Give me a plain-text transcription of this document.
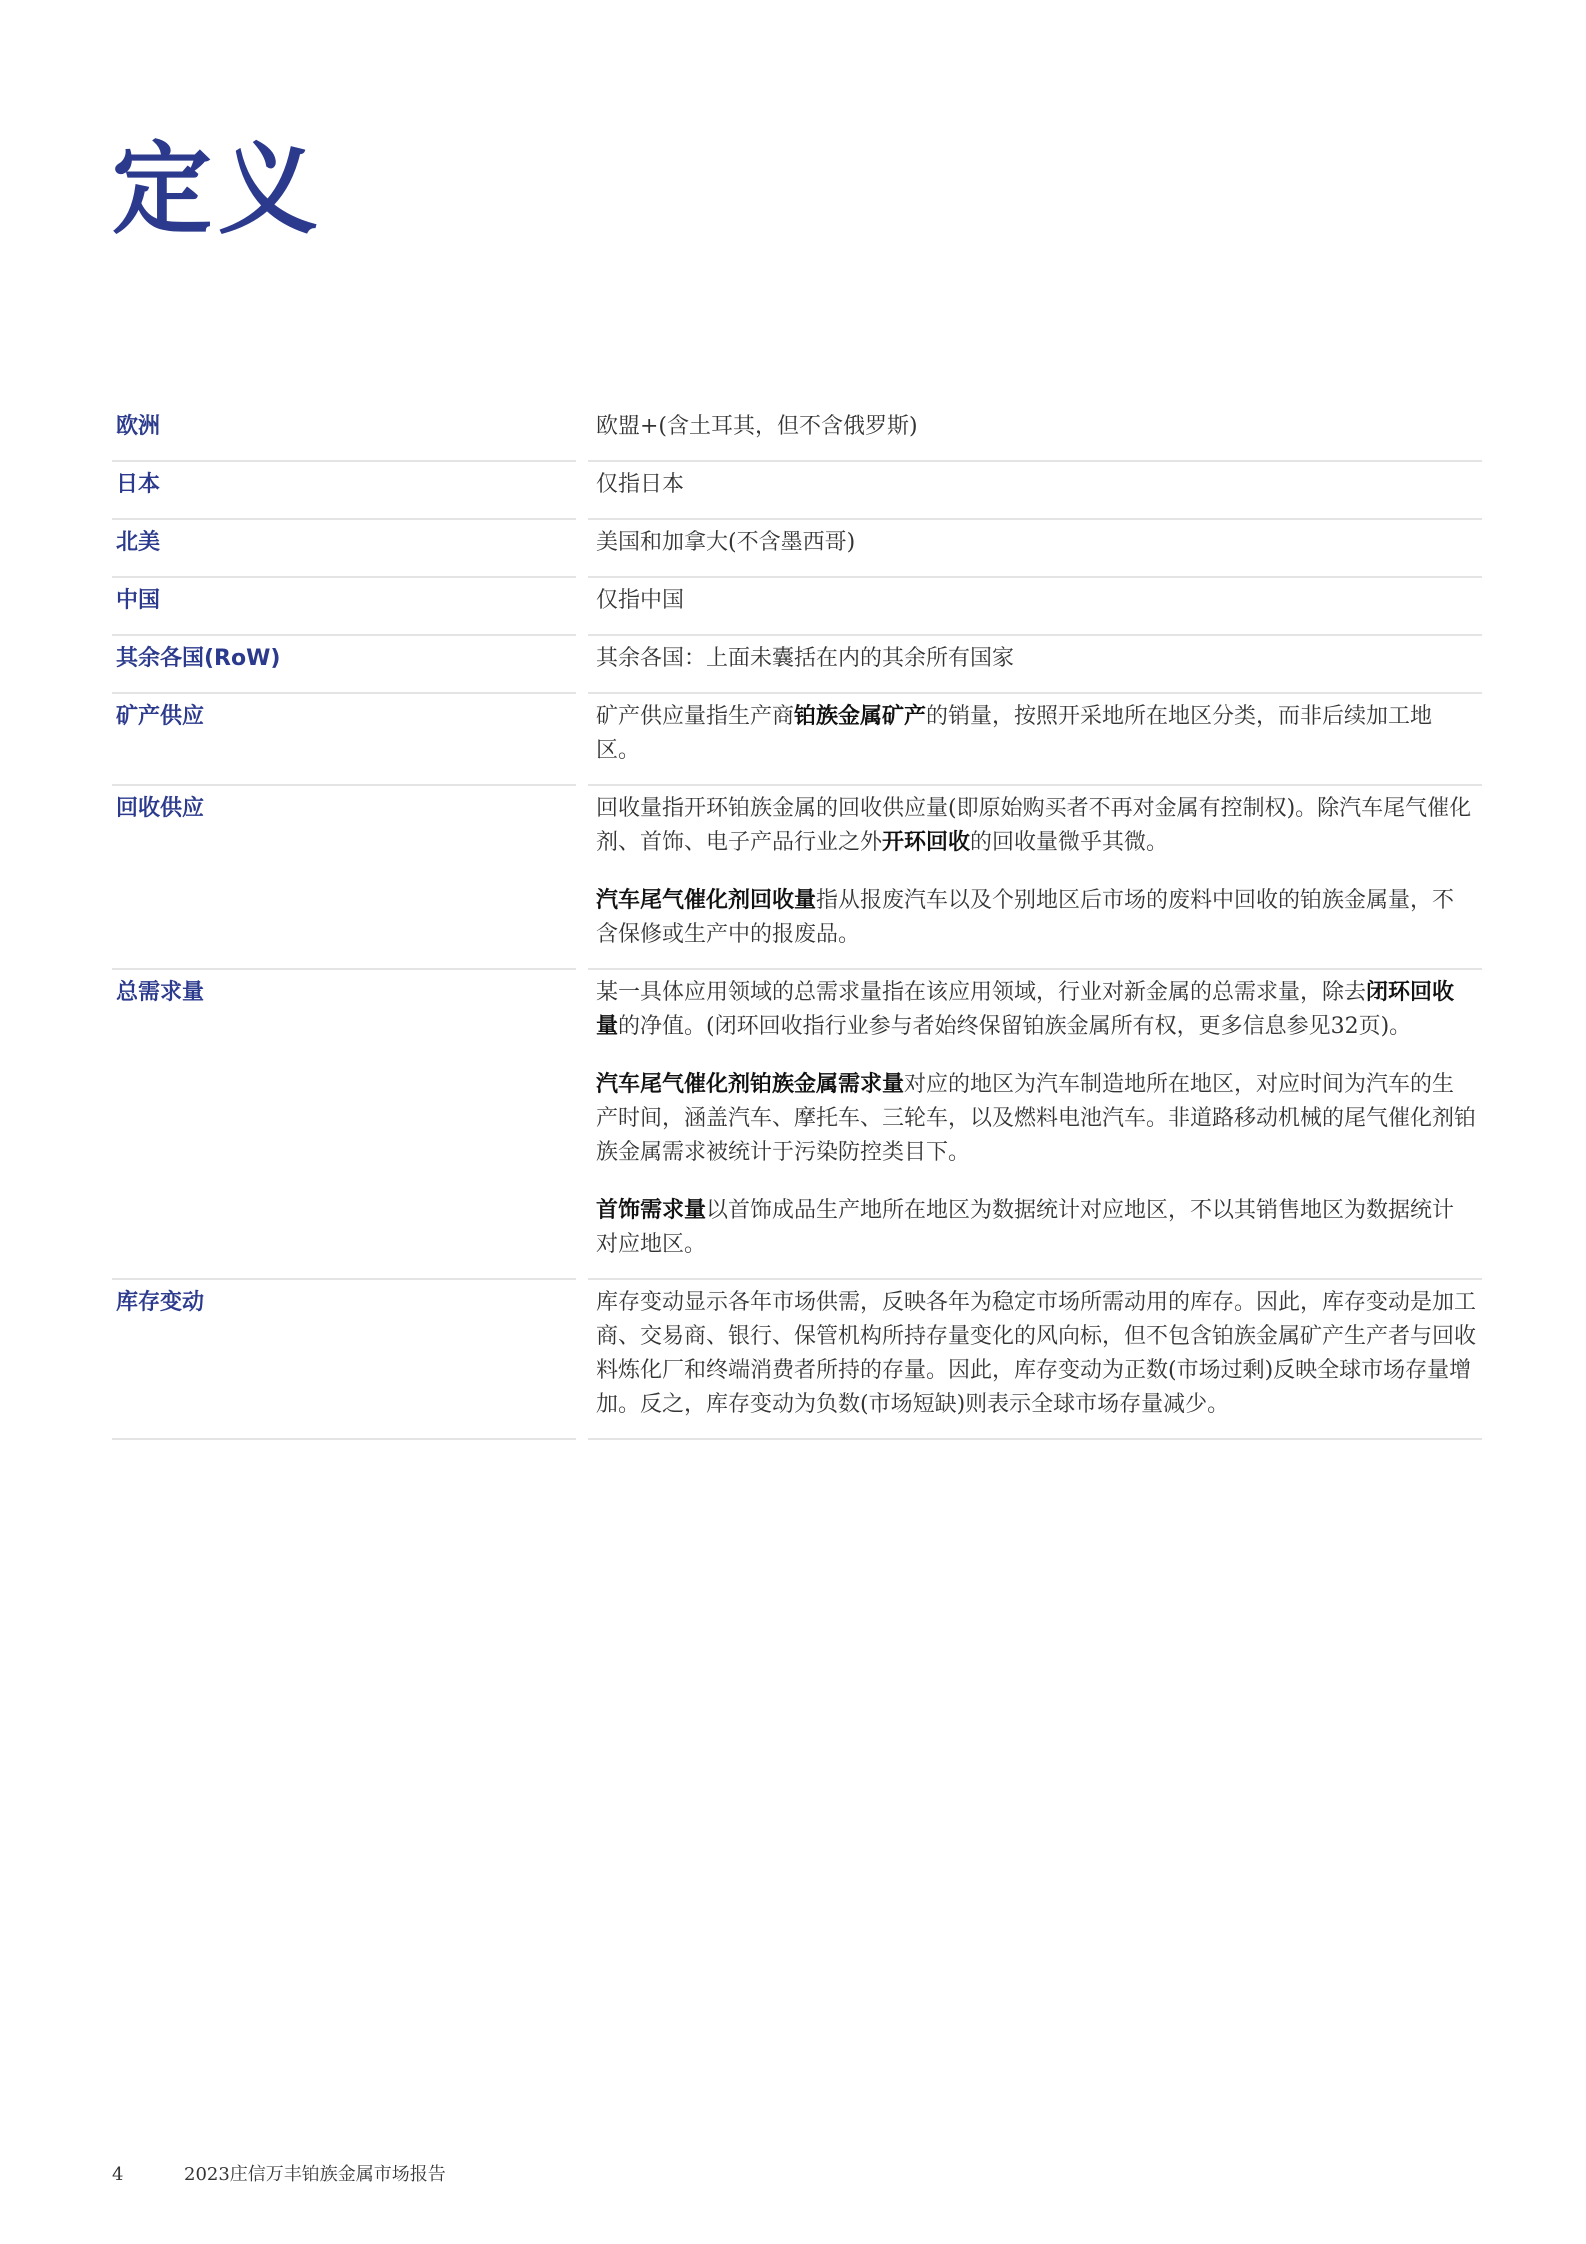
定义

欧洲	欧盟+(含土耳其，但不含俄罗斯)

日本	仅指日本

北美	美国和加拿大(不含墨西哥)

中国	仅指中国

其余各国(RoW)	其余各国：上面未囊括在内的其余所有国家

矿产供应	矿产供应量指生产商铂族金属矿产的销量，按照开采地所在地区分类，而非后续加工地区。

回收供应	回收量指开环铂族金属的回收供应量(即原始购买者不再对金属有控制权)。除汽车尾气催化剂、首饰、电子产品行业之外开环回收的回收量微乎其微。

汽车尾气催化剂回收量指从报废汽车以及个别地区后市场的废料中回收的铂族金属量，不含保修或生产中的报废品。

总需求量	某一具体应用领域的总需求量指在该应用领域，行业对新金属的总需求量，除去闭环回收量的净值。(闭环回收指行业参与者始终保留铂族金属所有权，更多信息参见32页)。

汽车尾气催化剂铂族金属需求量对应的地区为汽车制造地所在地区，对应时间为汽车的生产时间，涵盖汽车、摩托车、三轮车，以及燃料电池汽车。非道路移动机械的尾气催化剂铂族金属需求被统计于污染防控类目下。

首饰需求量以首饰成品生产地所在地区为数据统计对应地区，不以其销售地区为数据统计对应地区。

库存变动	库存变动显示各年市场供需，反映各年为稳定市场所需动用的库存。因此，库存变动是加工商、交易商、银行、保管机构所持存量变化的风向标，但不包含铂族金属矿产生产者与回收料炼化厂和终端消费者所持的存量。因此，库存变动为正数(市场过剩)反映全球市场存量增加。反之，库存变动为负数(市场短缺)则表示全球市场存量减少。

4	2023庄信万丰铂族金属市场报告
